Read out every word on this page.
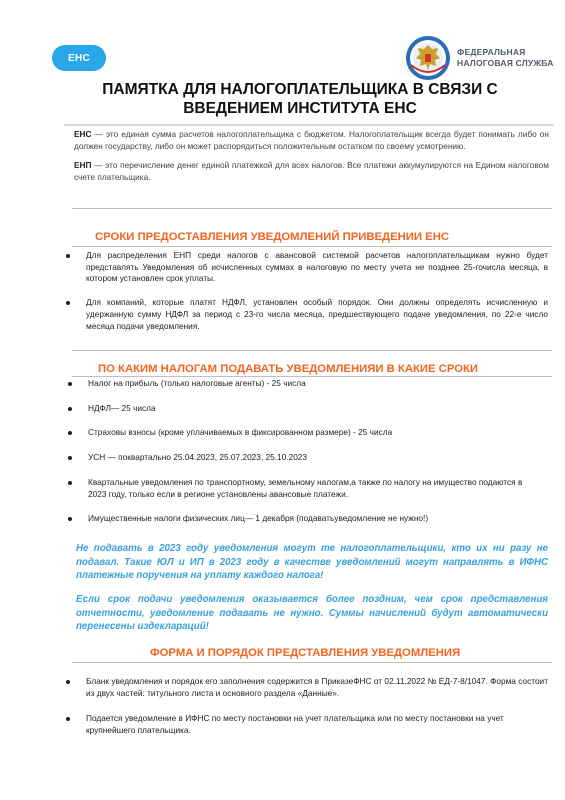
ЕНС
ФЕДЕРАЛЬНАЯ
НАЛОГОВАЯ СЛУЖБА
ПАМЯТКА ДЛЯ НАЛОГОПЛАТЕЛЬЩИКА В СВЯЗИ С ВВЕДЕНИЕМ ИНСТИТУТА ЕНС

ЕНС — это единая сумма расчетов налогоплательщика с бюджетом. Налогоплательщик всегда будет понимать либо он должен государству, либо он может распорядиться положительным остатком по своему усмотрению.

ЕНП — это перечисление денег единой платежкой для всех налогов. Все платежи аккумулируются на Едином налоговом счете плательщика.

СРОКИ ПРЕДОСТАВЛЕНИЯ УВЕДОМЛЕНИЙ ПРИВЕДЕНИИ ЕНС
Для распределения ЕНП среди налогов с авансовой системой расчетов налогоплательщикам нужно будет представлять Уведомления об исчисленных суммах в налоговую по месту учета не позднее 25-гочисла месяца, в котором установлен срок уплаты.
Для компаний, которые платят НДФЛ, установлен особый порядок. Они должны определять исчисленную и удержанную сумму НДФЛ за период с 23-го числа месяца, предшествующего подаче уведомления, по 22-е число месяца подачи уведомления.
ПО КАКИМ НАЛОГАМ ПОДАВАТЬ УВЕДОМЛЕНИЯИ В КАКИЕ СРОКИ
Налог на прибыль (только налоговые агенты) - 25 числа
НДФЛ— 25 числа
Страховы взносы (кроме уплачиваемых в фиксированном размере) - 25 числа
УСН — поквартально 25.04.2023, 25.07.2023, 25.10.2023
Квартальные уведомления по транспортному, земельному налогам,а также по налогу на имущество подаются в 2023 году, только если в регионе установлены авансовые платежи.
Имущественные налоги физических лиц— 1 декабря (подаватьуведомление не нужно!)
Не подавать в 2023 году уведомления могут те налогоплательщики, кто их ни разу не подавал. Такие ЮЛ и ИП в 2023 году в качестве уведомлений могут направлять в ИФНС платежные поручения на уплату каждого налога!
Если срок подачи уведомления оказывается более поздним, чем срок представления отчетности, уведомление подавать не нужно. Суммы начислений будут автоматически перенесены издеклараций!
ФОРМА И ПОРЯДОК ПРЕДСТАВЛЕНИЯ УВЕДОМЛЕНИЯ
Бланк уведомления и порядок его заполнения содержится в ПриказеФНС от 02.11.2022 № ЕД-7-8/1047. Форма состоит из двух частей: титульного листа и основного раздела «Данные».
Подается уведомление в ИФНС по месту постановки на учет плательщика или по месту постановки на учет крупнейшего плательщика.
